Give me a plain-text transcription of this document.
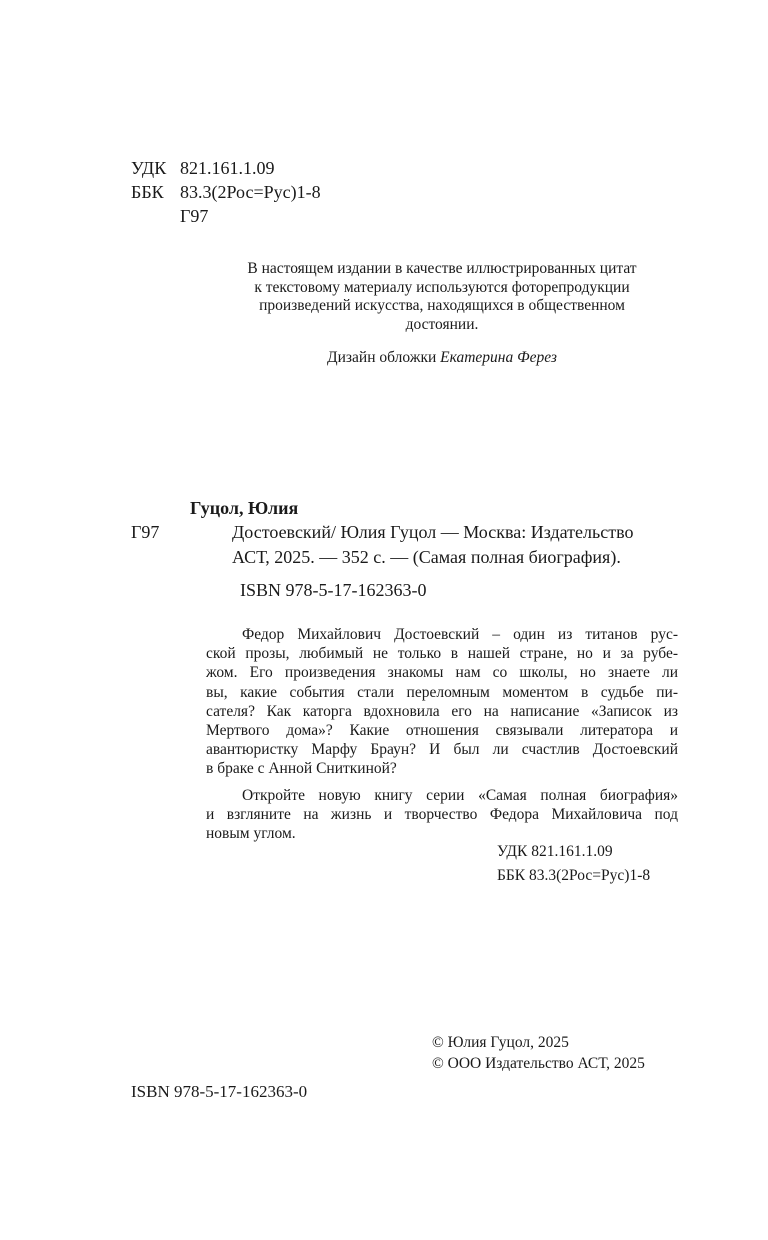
УДК 821.161.1.09
ББК 83.3(2Рос=Рус)1-8
Г97
В настоящем издании в качестве иллюстрированных цитат
к текстовому материалу используются фоторепродукции
произведений искусства, находящихся в общественном
достоянии.
Дизайн обложки Екатерина Ферез
Гуцол, Юлия
Г97	Достоевский/ Юлия Гуцол — Москва: Издательство
АСТ, 2025. — 352 с. — (Самая полная биография).
ISBN 978-5-17-162363-0
Федор Михайлович Достоевский – один из титанов рус-
ской прозы, любимый не только в нашей стране, но и за рубе-
жом. Его произведения знакомы нам со школы, но знаете ли
вы, какие события стали переломным моментом в судьбе пи-
сателя? Как каторга вдохновила его на написание «Записок из
Мертвого дома»? Какие отношения связывали литератора и
авантюристку Марфу Браун? И был ли счастлив Достоевский
в браке с Анной Сниткиной?
Откройте новую книгу серии «Самая полная биография»
и взгляните на жизнь и творчество Федора Михайловича под
новым углом.
УДК 821.161.1.09
ББК 83.3(2Рос=Рус)1-8
© Юлия Гуцол, 2025
© ООО Издательство АСТ, 2025
ISBN 978-5-17-162363-0
